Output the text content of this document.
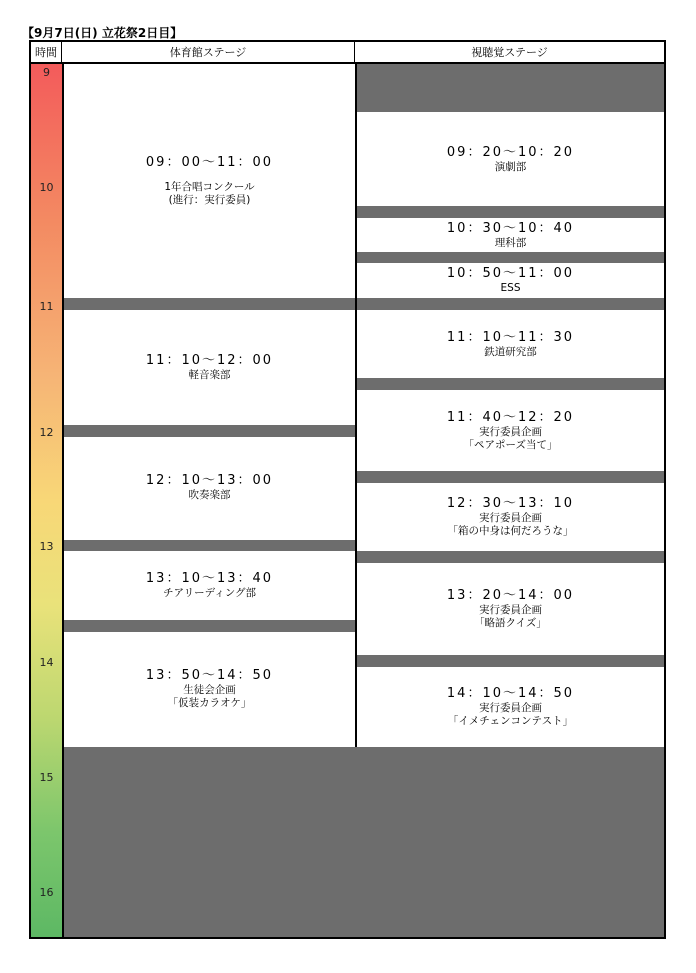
【9月7日(日) 立花祭2日目】
時間	体育館ステージ	視聴覚ステージ
9
10
11
12
13
14
15
16
09：00〜11：00
1年合唱コンクール
(進行：実行委員)
11：10〜12：00
軽音楽部
12：10〜13：00
吹奏楽部
13：10〜13：40
チアリーディング部
13：50〜14：50
生徒会企画
「仮装カラオケ」
09：20〜10：20
演劇部
10：30〜10：40
理科部
10：50〜11：00
ESS
11：10〜11：30
鉄道研究部
11：40〜12：20
実行委員企画
「ペアポーズ当て」
12：30〜13：10
実行委員企画
「箱の中身は何だろうな」
13：20〜14：00
実行委員企画
「略語クイズ」
14：10〜14：50
実行委員企画
「イメチェンコンテスト」
